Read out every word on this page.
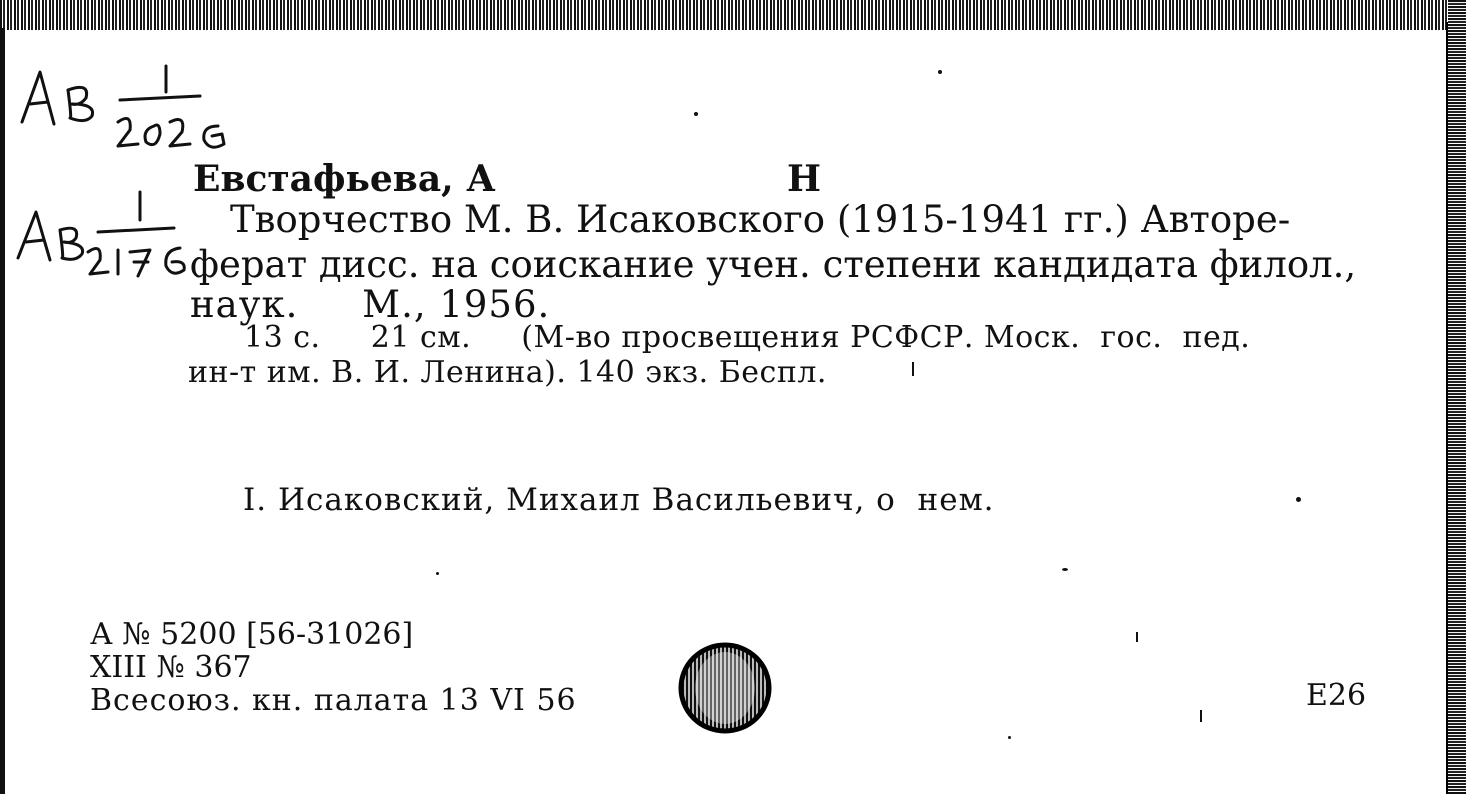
2026
2176	Евстафьева, А	Н
Творчество М. В. Исаковского (1915-1941 гг.) Авторе-
ферат дисс. на соискание учен. степени кандидата филол.,
наук.     М., 1956.
13 с.     21 см.     (М-во просвещения РСФСР. Моск.  гос.  пед.
ин-т им. В. И. Ленина). 140 экз. Беспл.
I. Исаковский, Михаил Васильевич, о  нем.
А № 5200 [56-31026]
XIII № 367
Всесоюз. кн. палата 13 VI 56	Е26
